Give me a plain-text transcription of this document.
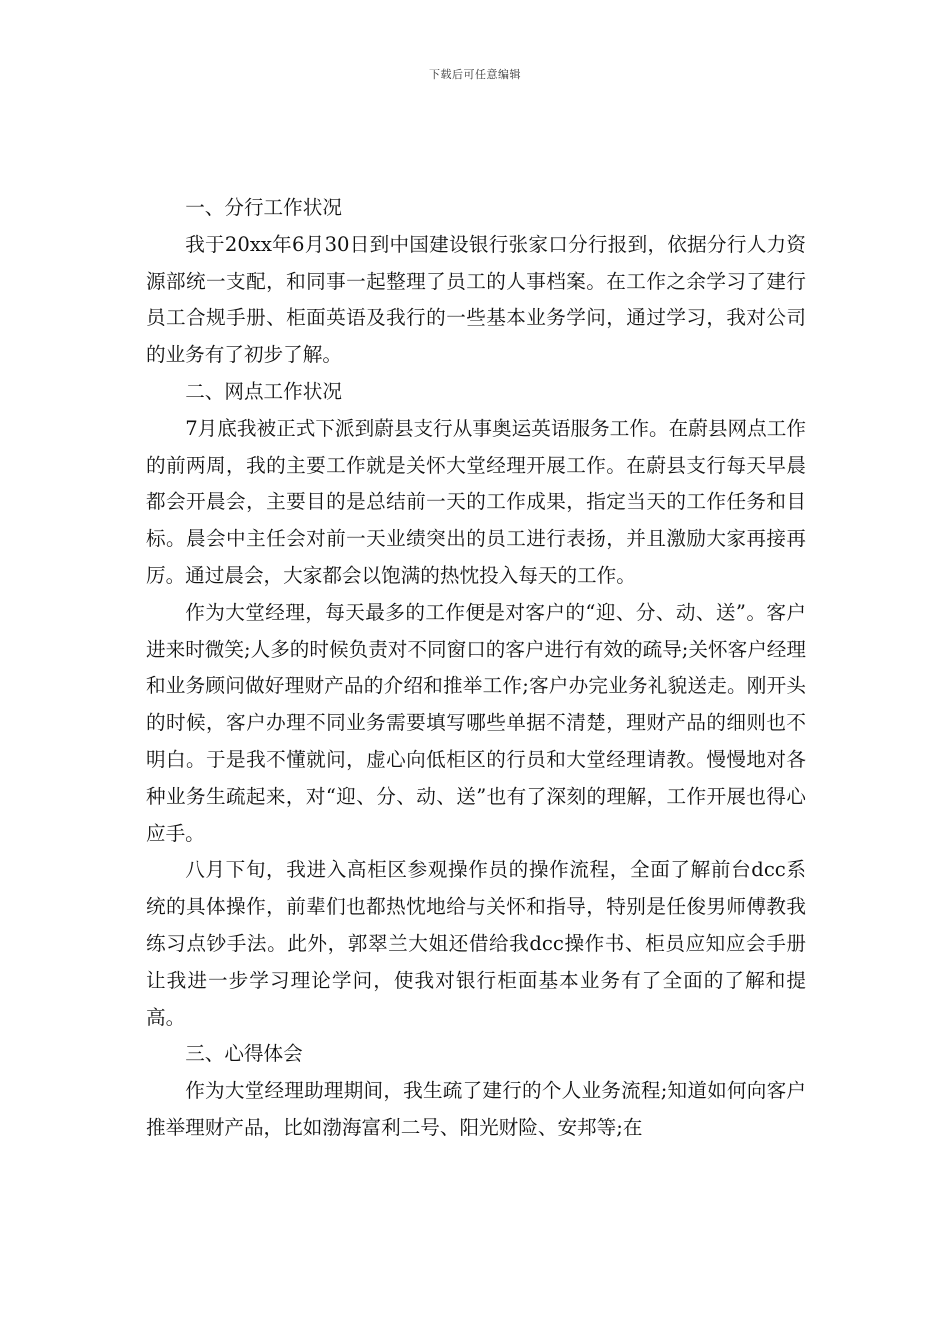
下载后可任意编辑

一、分行工作状况

我于20xx年6月30日到中国建设银行张家口分行报到，依据分行人力资源部统一支配，和同事一起整理了员工的人事档案。在工作之余学习了建行员工合规手册、柜面英语及我行的一些基本业务学问，通过学习，我对公司的业务有了初步了解。

二、网点工作状况

7月底我被正式下派到蔚县支行从事奥运英语服务工作。在蔚县网点工作的前两周，我的主要工作就是关怀大堂经理开展工作。在蔚县支行每天早晨都会开晨会，主要目的是总结前一天的工作成果，指定当天的工作任务和目标。晨会中主任会对前一天业绩突出的员工进行表扬，并且激励大家再接再厉。通过晨会，大家都会以饱满的热忱投入每天的工作。

作为大堂经理，每天最多的工作便是对客户的“迎、分、动、送”。客户进来时微笑;人多的时候负责对不同窗口的客户进行有效的疏导;关怀客户经理和业务顾问做好理财产品的介绍和推举工作;客户办完业务礼貌送走。刚开头的时候，客户办理不同业务需要填写哪些单据不清楚，理财产品的细则也不明白。于是我不懂就问，虚心向低柜区的行员和大堂经理请教。慢慢地对各种业务生疏起来，对“迎、分、动、送”也有了深刻的理解，工作开展也得心应手。

八月下旬，我进入高柜区参观操作员的操作流程，全面了解前台dcc系统的具体操作，前辈们也都热忱地给与关怀和指导，特别是任俊男师傅教我练习点钞手法。此外，郭翠兰大姐还借给我dcc操作书、柜员应知应会手册让我进一步学习理论学问，使我对银行柜面基本业务有了全面的了解和提高。

三、心得体会

作为大堂经理助理期间，我生疏了建行的个人业务流程;知道如何向客户推举理财产品，比如渤海富利二号、阳光财险、安邦等;在
